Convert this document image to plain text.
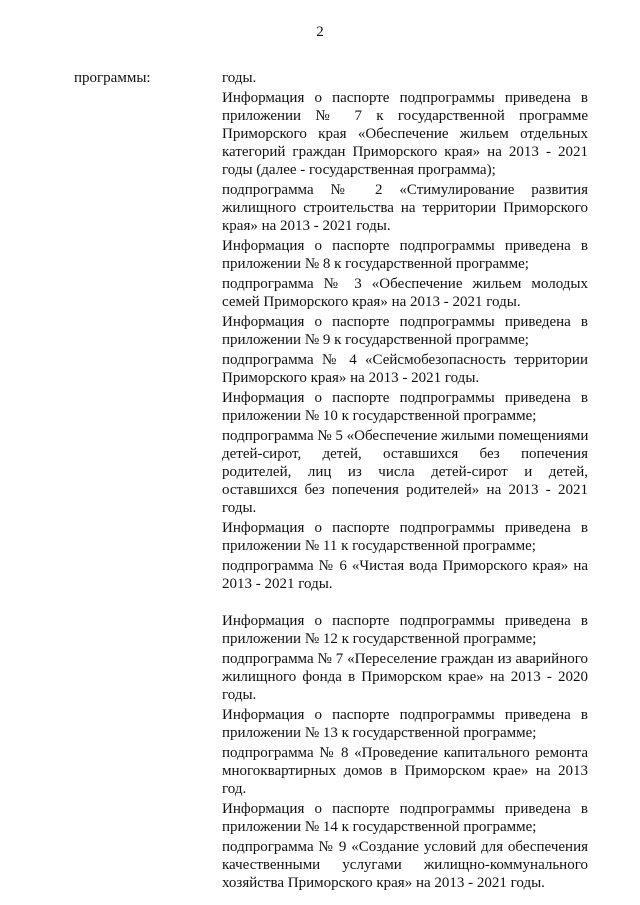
2
программы:	годы.
Информация о паспорте подпрограммы приведена в
приложении № 7 к государственной программе
Приморского края «Обеспечение жильем отдельных
категорий граждан Приморского края» на 2013 - 2021
годы (далее - государственная программа);
подпрограмма № 2 «Стимулирование развития
жилищного строительства на территории Приморского
края» на 2013 - 2021 годы.
Информация о паспорте подпрограммы приведена в
приложении № 8 к государственной программе;
подпрограмма № 3 «Обеспечение жильем молодых
семей Приморского края» на 2013 - 2021 годы.
Информация о паспорте подпрограммы приведена в
приложении № 9 к государственной программе;
подпрограмма № 4 «Сейсмобезопасность территории
Приморского края» на 2013 - 2021 годы.
Информация о паспорте подпрограммы приведена в
приложении № 10 к государственной программе;
подпрограмма № 5 «Обеспечение жилыми помещениями
детей-сирот, детей, оставшихся без попечения
родителей, лиц из числа детей-сирот и детей,
оставшихся без попечения родителей» на 2013 - 2021
годы.
Информация о паспорте подпрограммы приведена в
приложении № 11 к государственной программе;
подпрограмма № 6 «Чистая вода Приморского края» на
2013 - 2021 годы.
Информация о паспорте подпрограммы приведена в
приложении № 12 к государственной программе;
подпрограмма № 7 «Переселение граждан из аварийного
жилищного фонда в Приморском крае» на 2013 - 2020
годы.
Информация о паспорте подпрограммы приведена в
приложении № 13 к государственной программе;
подпрограмма № 8 «Проведение капитального ремонта
многоквартирных домов в Приморском крае» на 2013
год.
Информация о паспорте подпрограммы приведена в
приложении № 14 к государственной программе;
подпрограмма № 9 «Создание условий для обеспечения
качественными услугами жилищно-коммунального
хозяйства Приморского края» на 2013 - 2021 годы.
